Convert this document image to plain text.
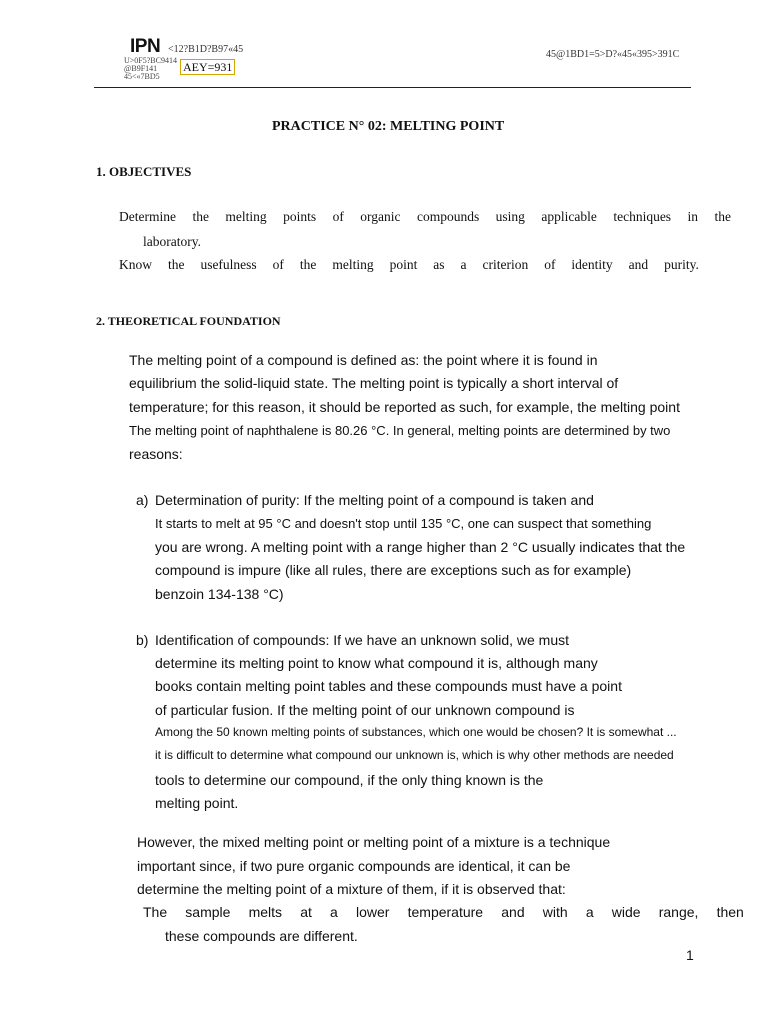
IPN <12?B1D?B97«45
U>0F5?BC9414
@B9F141
45<«7BD5
AEY=931
45@1BD1=5>D?«45«395>391C
PRACTICE N° 02: MELTING POINT
1. OBJECTIVES
Determine the melting points of organic compounds using applicable techniques in the
laboratory.
Know the usefulness of the melting point as a criterion of identity and purity.
2. THEORETICAL FOUNDATION
The melting point of a compound is defined as: the point where it is found in
equilibrium the solid-liquid state. The melting point is typically a short interval of
temperature; for this reason, it should be reported as such, for example, the melting point
The melting point of naphthalene is 80.26 °C. In general, melting points are determined by two
reasons:
a) Determination of purity: If the melting point of a compound is taken and
It starts to melt at 95 °C and doesn't stop until 135 °C, one can suspect that something
you are wrong. A melting point with a range higher than 2 °C usually indicates that the
compound is impure (like all rules, there are exceptions such as for example)
benzoin 134-138 °C)
b) Identification of compounds: If we have an unknown solid, we must
determine its melting point to know what compound it is, although many
books contain melting point tables and these compounds must have a point
of particular fusion. If the melting point of our unknown compound is
Among the 50 known melting points of substances, which one would be chosen? It is somewhat ...
it is difficult to determine what compound our unknown is, which is why other methods are needed
tools to determine our compound, if the only thing known is the
melting point.
However, the mixed melting point or melting point of a mixture is a technique
important since, if two pure organic compounds are identical, it can be
determine the melting point of a mixture of them, if it is observed that:
The sample melts at a lower temperature and with a wide range, then
these compounds are different.
1
